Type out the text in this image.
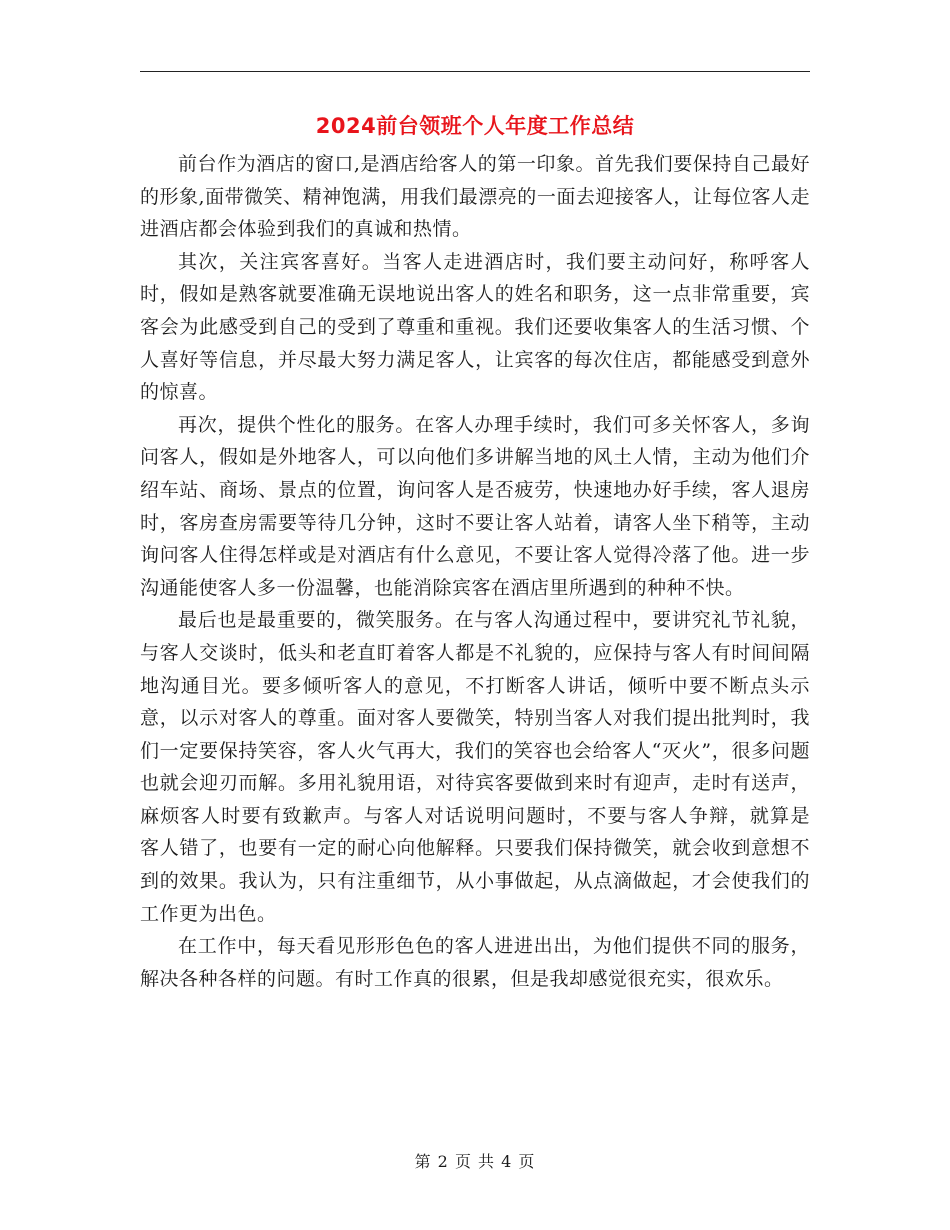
2024前台领班个人年度工作总结

前台作为酒店的窗口,是酒店给客人的第一印象。首先我们要保持自己最好的形象,面带微笑、精神饱满，用我们最漂亮的一面去迎接客人，让每位客人走进酒店都会体验到我们的真诚和热情。

其次，关注宾客喜好。当客人走进酒店时，我们要主动问好，称呼客人时，假如是熟客就要准确无误地说出客人的姓名和职务，这一点非常重要，宾客会为此感受到自己的受到了尊重和重视。我们还要收集客人的生活习惯、个人喜好等信息，并尽最大努力满足客人，让宾客的每次住店，都能感受到意外的惊喜。

再次，提供个性化的服务。在客人办理手续时，我们可多关怀客人，多询问客人，假如是外地客人，可以向他们多讲解当地的风土人情，主动为他们介绍车站、商场、景点的位置，询问客人是否疲劳，快速地办好手续，客人退房时，客房查房需要等待几分钟，这时不要让客人站着，请客人坐下稍等，主动询问客人住得怎样或是对酒店有什么意见，不要让客人觉得冷落了他。进一步沟通能使客人多一份温馨，也能消除宾客在酒店里所遇到的种种不快。

最后也是最重要的，微笑服务。在与客人沟通过程中，要讲究礼节礼貌，与客人交谈时，低头和老直盯着客人都是不礼貌的，应保持与客人有时间间隔地沟通目光。要多倾听客人的意见，不打断客人讲话，倾听中要不断点头示意，以示对客人的尊重。面对客人要微笑，特别当客人对我们提出批判时，我们一定要保持笑容，客人火气再大，我们的笑容也会给客人“灭火”，很多问题也就会迎刃而解。多用礼貌用语，对待宾客要做到来时有迎声，走时有送声，麻烦客人时要有致歉声。与客人对话说明问题时，不要与客人争辩，就算是　　客人错了，也要有一定的耐心向他解释。只要我们保持微笑，就会收到意想不到的效果。我认为，只有注重细节，从小事做起，从点滴做起，才会使我们的工作更为出色。

在工作中，每天看见形形色色的客人进进出出，为他们提供不同的服务，解决各种各样的问题。有时工作真的很累，但是我却感觉很充实，很欢乐。

第 2 页 共 4 页
